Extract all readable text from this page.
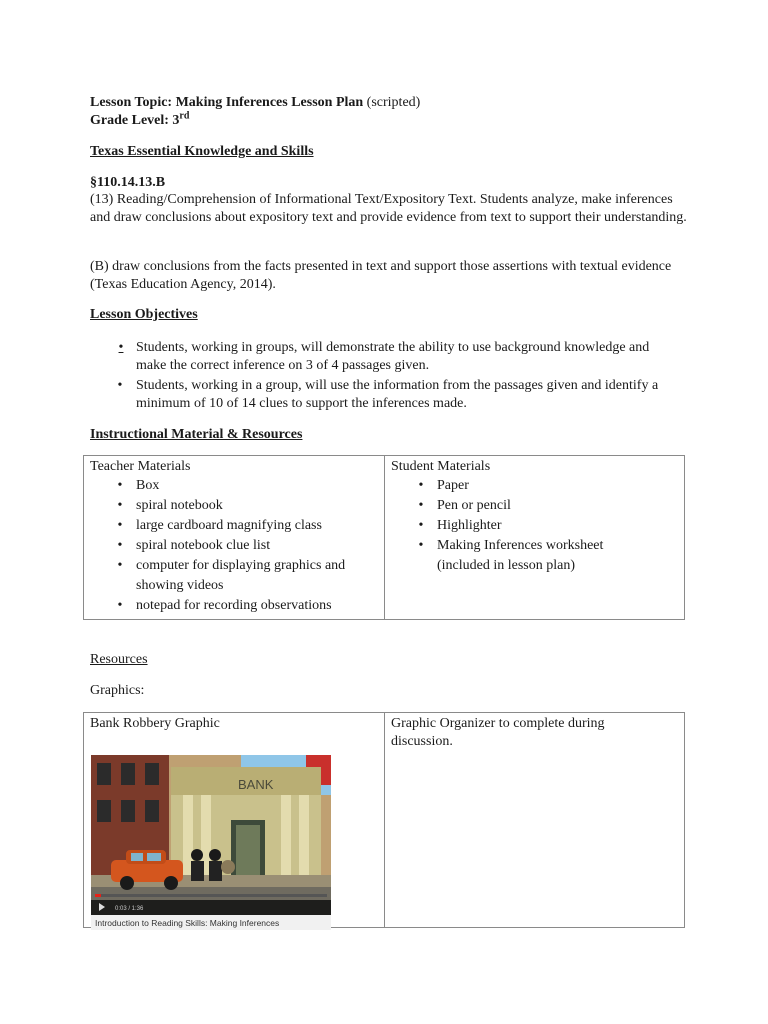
Lesson Topic: Making Inferences Lesson Plan (scripted)
Grade Level: 3rd
Texas Essential Knowledge and Skills
§110.14.13.B
(13) Reading/Comprehension of Informational Text/Expository Text. Students analyze, make inferences and draw conclusions about expository text and provide evidence from text to support their understanding.
(B) draw conclusions from the facts presented in text and support those assertions with textual evidence (Texas Education Agency, 2014).
Lesson Objectives
• Students, working in groups, will demonstrate the ability to use background knowledge and make the correct inference on 3 of 4 passages given.
• Students, working in a group, will use the information from the passages given and identify a minimum of 10 of 14 clues to support the inferences made.
Instructional Material & Resources
Teacher Materials
• Box
• spiral notebook
• large cardboard magnifying class
• spiral notebook clue list
• computer for displaying graphics and showing videos
• notepad for recording observations

Student Materials
• Paper
• Pen or pencil
• Highlighter
• Making Inferences worksheet (included in lesson plan)
Resources
Graphics:
Bank Robbery Graphic	Graphic Organizer to complete during discussion.
BANK
0:03 / 1:36
Introduction to Reading Skills: Making Inferences
